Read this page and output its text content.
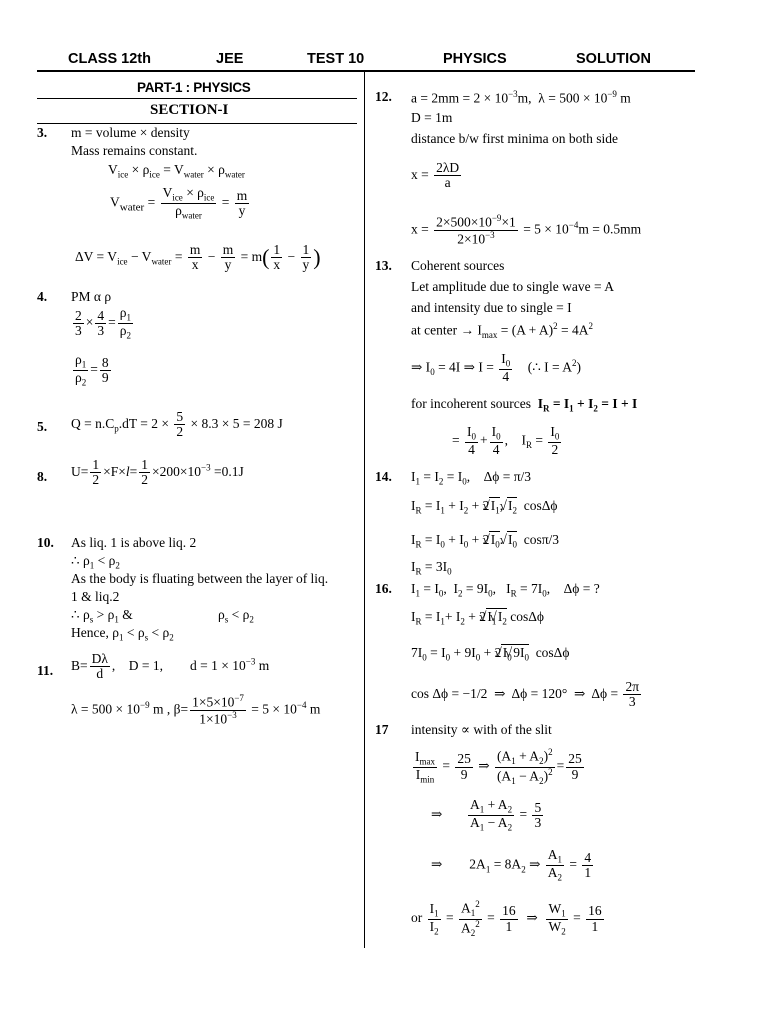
CLASS 12th	JEE	TEST 10	PHYSICS	SOLUTION
PART-1 : PHYSICS
SECTION-I
3. m = volume × density
Mass remains constant.
$V_{ice} \times \rho_{ice} = V_{water} \times \rho_{water}$
$V_{water} = \frac{V_{ice} \times \rho_{ice}}{\rho_{water}} = \frac{m}{y}$
$\Delta V = V_{ice} - V_{water} = \frac{m}{x} - \frac{m}{y} = m( \frac{1}{x} - \frac{1}{y}$ )
4. PM α ρ
$\frac{2}{3} \times \frac{4}{3} = \frac{\rho_1}{\rho_2}$
$\frac{\rho_1}{\rho_2} = \frac{8}{9}$
5. $Q = n.C_p.dT = 2 \times \frac{5}{2} \times 8.3 \times 5 = 208$ J
8. $U= \frac{1}{2} \times F\times l= \frac{1}{2} \times 200\times 10^{-3} =0.1J$
10. As liq. 1 is above liq. 2
∴ $\rho_1 < \rho_2$
As the body is fluating between the layer of liq.
1 & liq.2
∴ $\rho_s > \rho_1$ &	$\rho_s < \rho_2$
Hence, $\rho_1 < \rho_s < \rho_2$
11. $B= \frac{D\lambda}{d}$ ,    D = 1,        $d = 1 \times 10^{-3}$ m
$\lambda = 500 \times 10^{-9}$ m , $\beta= \frac{1\times 5\times 10^{-7}}{1\times 10^{-3}} = 5 \times 10^{-4}$ m
12. $a = 2mm = 2 \times 10^{-3}m$,  $\lambda = 500 \times 10^{-9}$ m
D = 1m
distance b/w first minima on both side
$x = \frac{2\lambda D}{a}$
$x = \frac{2\times 500\times 10^{-9}\times 1}{2\times 10^{-3}} = 5 \times 10^{-4}m = 0.5mm$
13. Coherent sources
Let amplitude due to single wave = A
and intensity due to single = I
at center → $I_{max} = (A + A)^2 = 4A^2$
⇒ $I_0 = 4I$ ⇒ $I = \frac{I_0}{4}$ (∴ $I = A^2$)
for incoherent sources $I_R = I_1 + I_2 = I + I$
= $\frac{I_0}{4} + \frac{I_0}{4}$ ,    $I_R = \frac{I_0}{2}$
14. $I_1 = I_2 = I_0$,    Δϕ = π/3
$I_R = I_1 + I_2 + 2√$ $I_1$, √ $I_2$  cosΔϕ
$I_R = I_0 + I_0 + 2√$ $I_0$. √ $I_0$  cosπ/3
$I_R = 3I_0$
16. $I_1 = I_0$,  $I_2 = 9I_0$,   $I_R = 7I_0$,    Δϕ = ?
$I_R = I_1+ I_2 + 2√$ $I_1√$ $I_2$ cosΔϕ
$7I_0 = I_0 + 9I_0 + 2√$ $I_0√$ $9I_0$  cosΔϕ
cos Δϕ = −1/2  ⇒  Δϕ = 120°  ⇒  $\Delta\phi = \frac{2\pi}{3}$
17 intensity ∝ with of the slit
$\frac{I_{max}}{I_{min}} = \frac{25}{9}$ ⇒ $\frac{(A_1 + A_2)^2}{(A_1 - A_2)^2} = \frac{25}{9}$
⇒ $\frac{A_1 + A_2}{A_1 - A_2} = \frac{5}{3}$
⇒        $2A_1 = 8A_2$ ⇒ $\frac{A_1}{A_2} = \frac{4}{1}$
or $\frac{I_1}{I_2} = \frac{A_1^2}{A_2^2} = \frac{16}{1}$ ⇒ $\frac{W_1}{W_2} = \frac{16}{1}$
